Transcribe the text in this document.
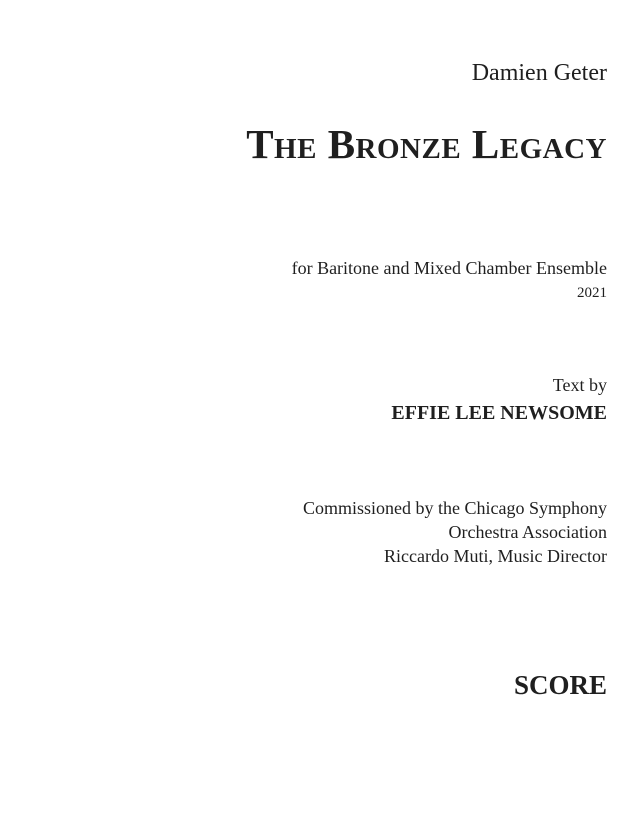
Damien Geter
The Bronze Legacy
for Baritone and Mixed Chamber Ensemble
2021
Text by
EFFIE LEE NEWSOME
Commissioned by the Chicago Symphony
Orchestra Association
Riccardo Muti, Music Director
SCORE
